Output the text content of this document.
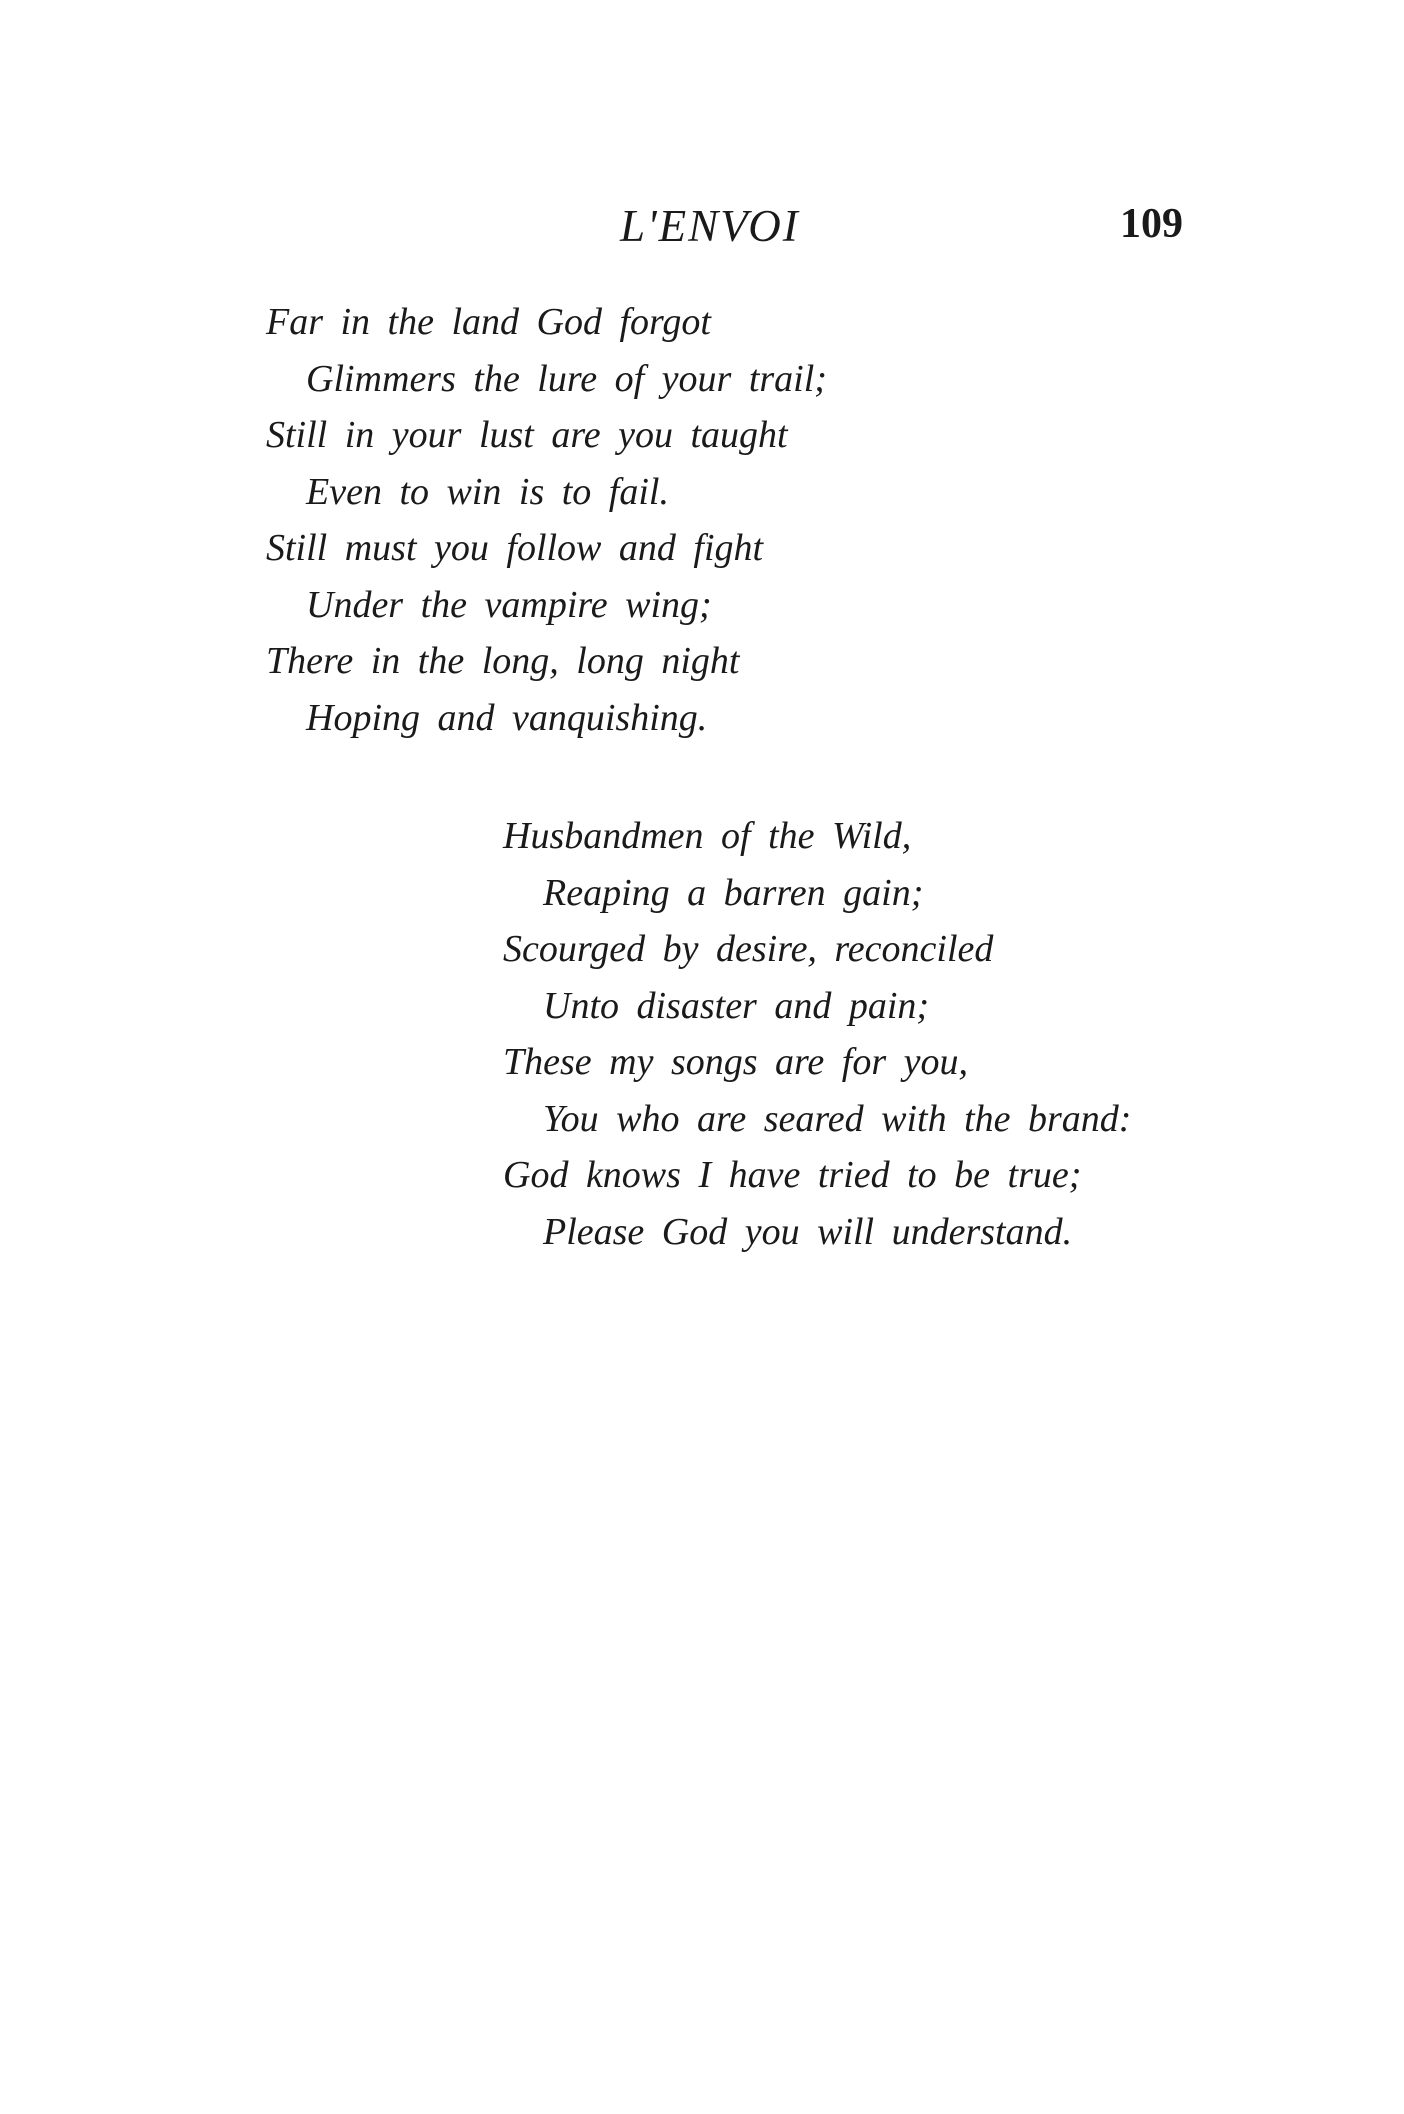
L'ENVOI	109
Far in the land God forgot
Glimmers the lure of your trail;
Still in your lust are you taught
Even to win is to fail.
Still must you follow and fight
Under the vampire wing;
There in the long, long night
Hoping and vanquishing.
Husbandmen of the Wild,
Reaping a barren gain;
Scourged by desire, reconciled
Unto disaster and pain;
These my songs are for you,
You who are seared with the brand:
God knows I have tried to be true;
Please God you will understand.
